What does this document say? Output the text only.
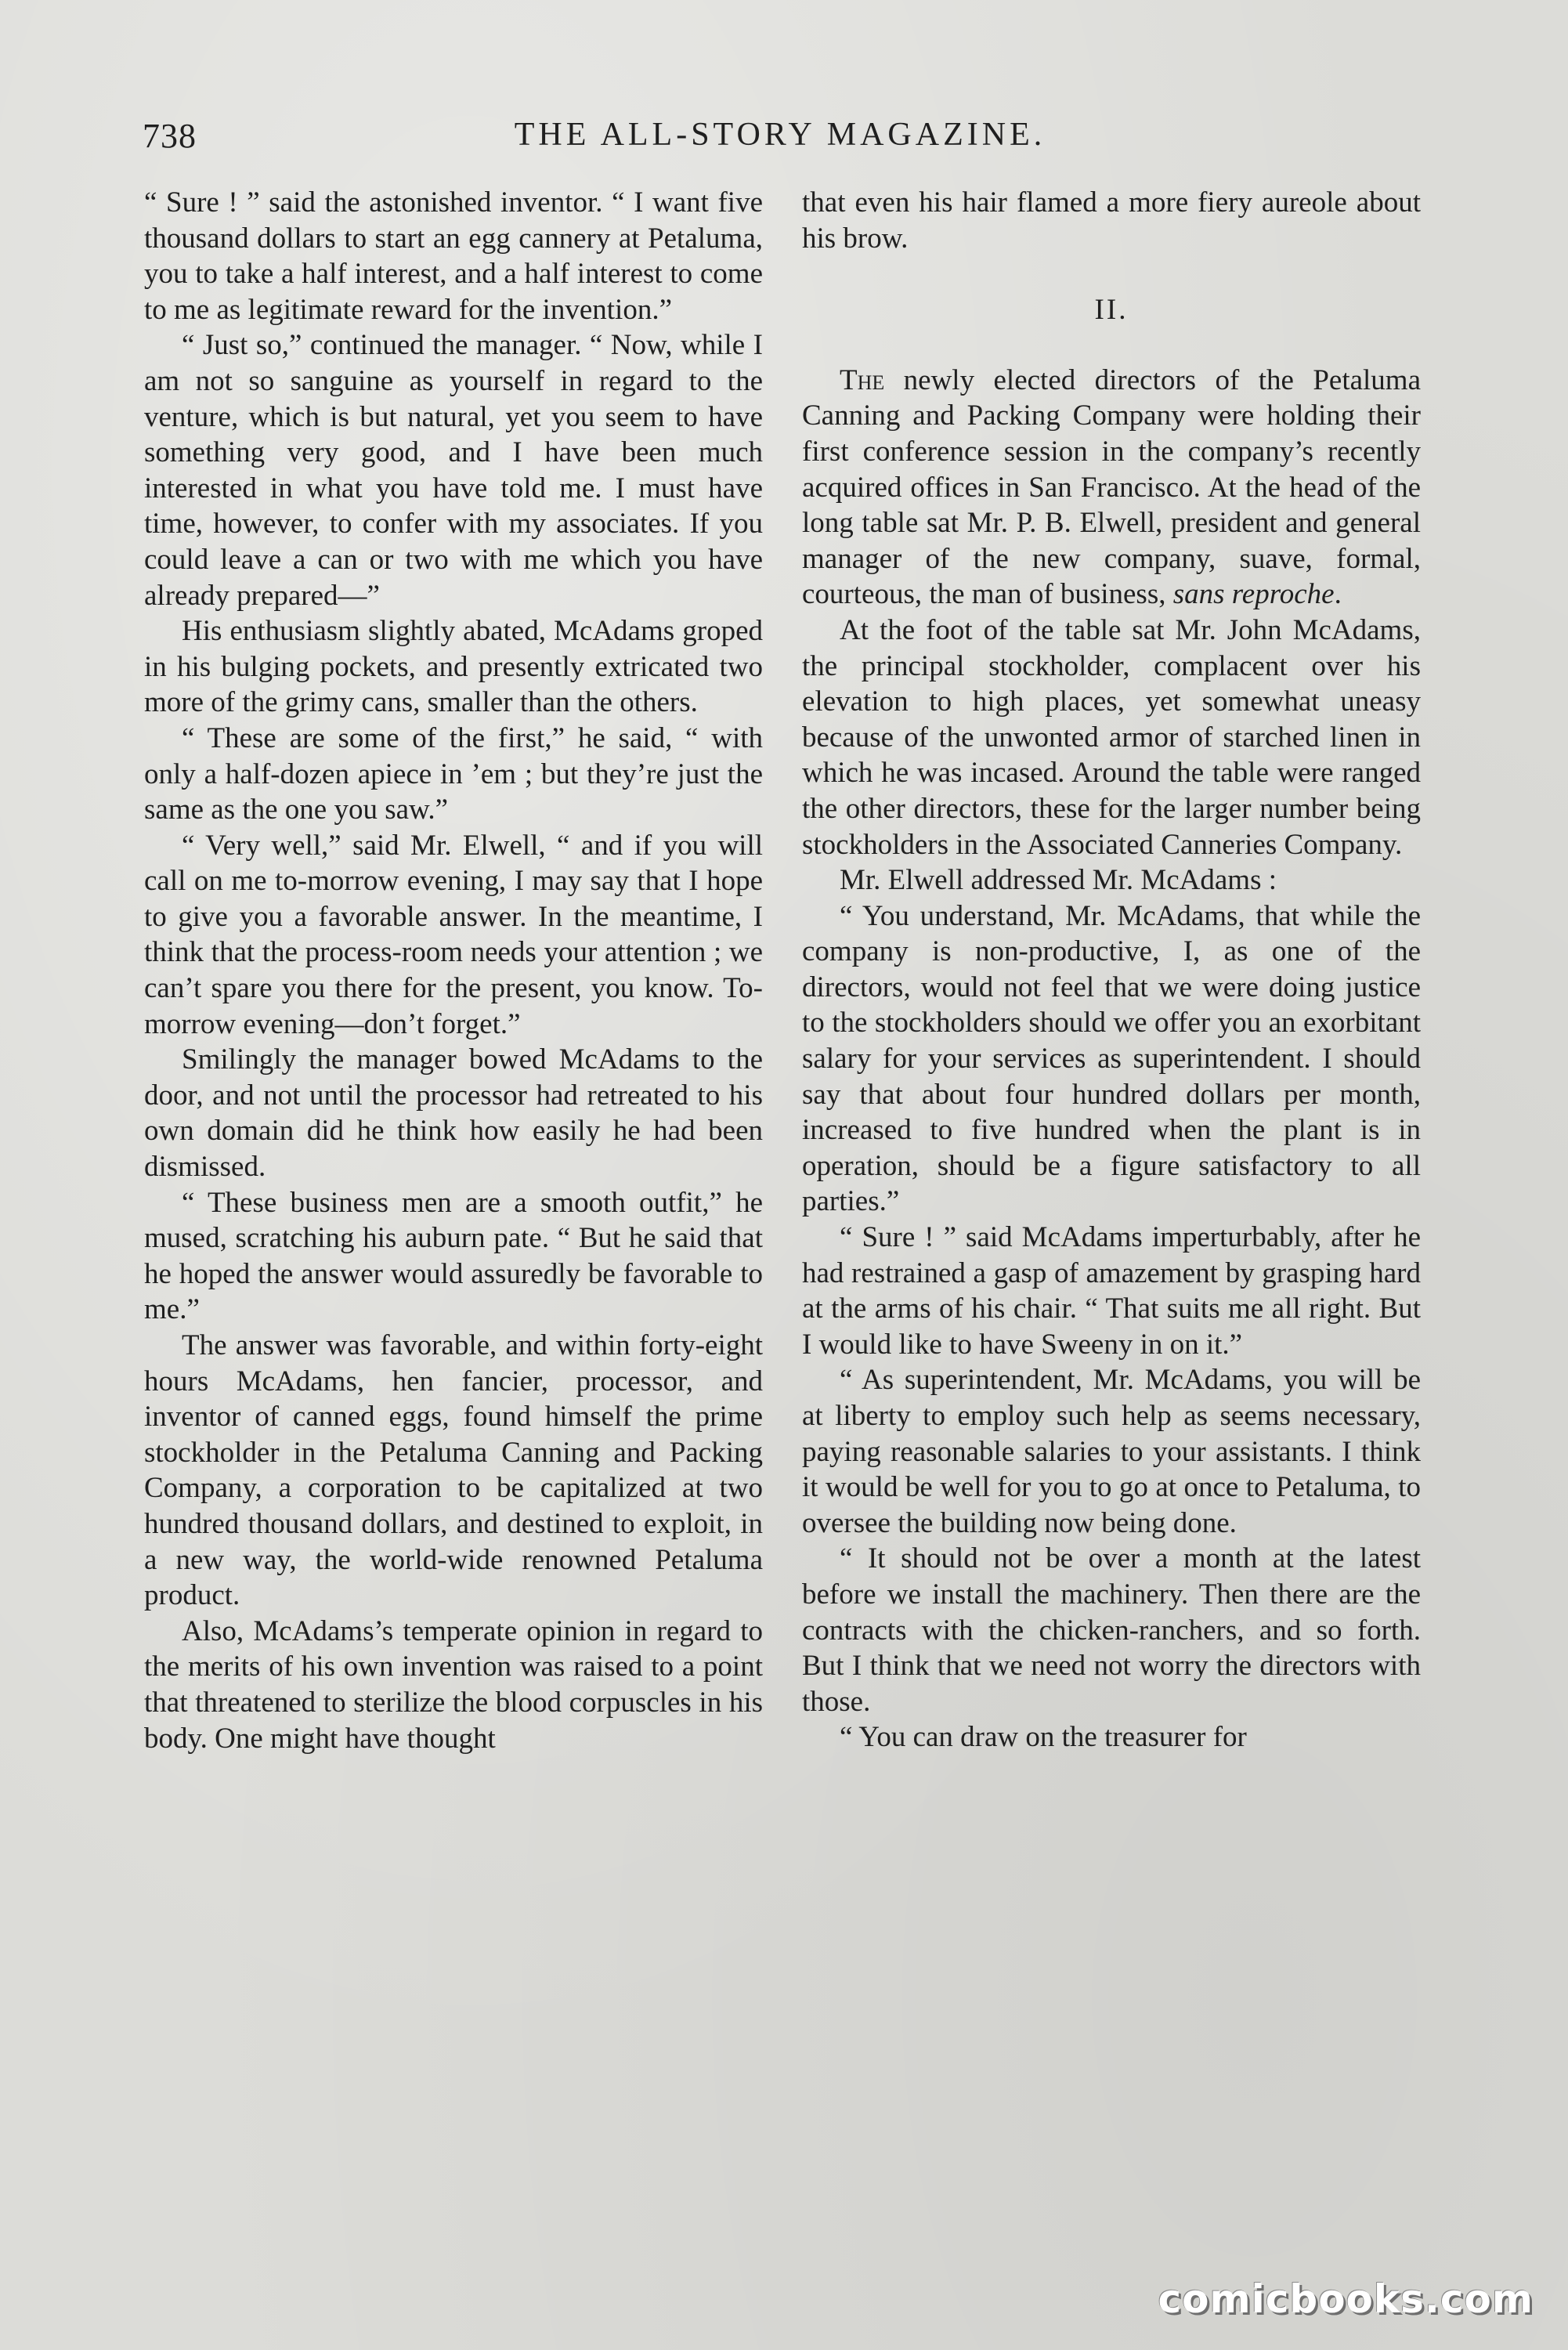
738	THE ALL-STORY MAGAZINE.

“ Sure ! ” said the astonished inventor. “ I want five thousand dollars to start an egg cannery at Petaluma, you to take a half interest, and a half interest to come to me as legitimate reward for the invention.”

“ Just so,” continued the manager. “ Now, while I am not so sanguine as yourself in regard to the venture, which is but natural, yet you seem to have something very good, and I have been much interested in what you have told me. I must have time, however, to confer with my associates. If you could leave a can or two with me which you have already prepared—”

His enthusiasm slightly abated, McAdams groped in his bulging pockets, and presently extricated two more of the grimy cans, smaller than the others.

“ These are some of the first,” he said, “ with only a half-dozen apiece in ’em ; but they’re just the same as the one you saw.”

“ Very well,” said Mr. Elwell, “ and if you will call on me to-morrow evening, I may say that I hope to give you a favorable answer. In the meantime, I think that the process-room needs your attention ; we can’t spare you there for the present, you know. To-morrow evening—don’t forget.”

Smilingly the manager bowed McAdams to the door, and not until the processor had retreated to his own domain did he think how easily he had been dismissed.

“ These business men are a smooth outfit,” he mused, scratching his auburn pate. “ But he said that he hoped the answer would assuredly be favorable to me.”

The answer was favorable, and within forty-eight hours McAdams, hen fancier, processor, and inventor of canned eggs, found himself the prime stockholder in the Petaluma Canning and Packing Company, a corporation to be capitalized at two hundred thousand dollars, and destined to exploit, in a new way, the world-wide renowned Petaluma product.

Also, McAdams’s temperate opinion in regard to the merits of his own invention was raised to a point that threatened to sterilize the blood corpuscles in his body. One might have thought

that even his hair flamed a more fiery aureole about his brow.

II.

The newly elected directors of the Petaluma Canning and Packing Company were holding their first conference session in the company’s recently acquired offices in San Francisco. At the head of the long table sat Mr. P. B. Elwell, president and general manager of the new company, suave, formal, courteous, the man of business, sans reproche.

At the foot of the table sat Mr. John McAdams, the principal stockholder, complacent over his elevation to high places, yet somewhat uneasy because of the unwonted armor of starched linen in which he was incased. Around the table were ranged the other directors, these for the larger number being stockholders in the Associated Canneries Company.

Mr. Elwell addressed Mr. McAdams :

“ You understand, Mr. McAdams, that while the company is non-productive, I, as one of the directors, would not feel that we were doing justice to the stockholders should we offer you an exorbitant salary for your services as superintendent. I should say that about four hundred dollars per month, increased to five hundred when the plant is in operation, should be a figure satisfactory to all parties.”

“ Sure ! ” said McAdams imperturbably, after he had restrained a gasp of amazement by grasping hard at the arms of his chair. “ That suits me all right. But I would like to have Sweeny in on it.”

“ As superintendent, Mr. McAdams, you will be at liberty to employ such help as seems necessary, paying reasonable salaries to your assistants. I think it would be well for you to go at once to Petaluma, to oversee the building now being done.

“ It should not be over a month at the latest before we install the machinery. Then there are the contracts with the chicken-ranchers, and so forth. But I think that we need not worry the directors with those.

“ You can draw on the treasurer for

comicbooks.com
